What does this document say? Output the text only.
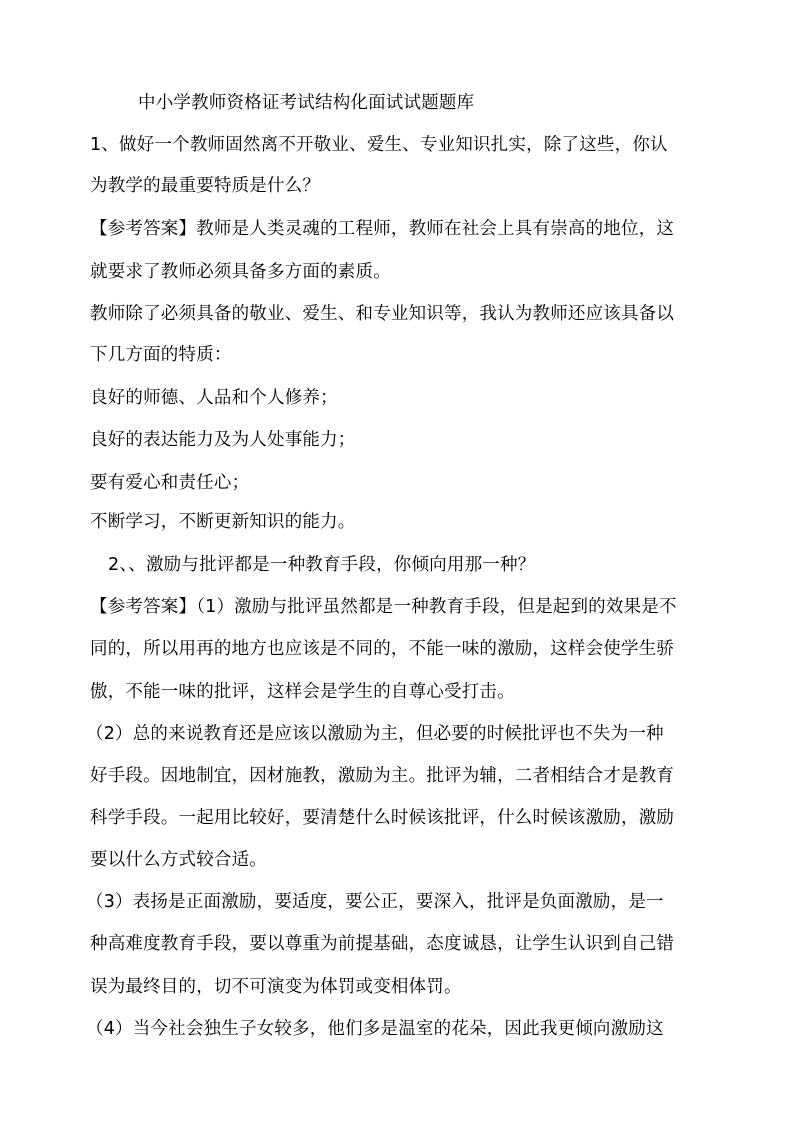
中小学教师资格证考试结构化面试试题题库
1、做好一个教师固然离不开敬业、爱生、专业知识扎实，除了这些，你认
为教学的最重要特质是什么？
【参考答案】教师是人类灵魂的工程师，教师在社会上具有崇高的地位，这
就要求了教师必须具备多方面的素质。
教师除了必须具备的敬业、爱生、和专业知识等，我认为教师还应该具备以
下几方面的特质：
良好的师德、人品和个人修养；
良好的表达能力及为人处事能力；
要有爱心和责任心；
不断学习，不断更新知识的能力。
2、、激励与批评都是一种教育手段，你倾向用那一种？
【参考答案】（1）激励与批评虽然都是一种教育手段，但是起到的效果是不
同的，所以用再的地方也应该是不同的，不能一味的激励，这样会使学生骄
傲，不能一味的批评，这样会是学生的自尊心受打击。
（2）总的来说教育还是应该以激励为主，但必要的时候批评也不失为一种
好手段。因地制宜，因材施教，激励为主。批评为辅，二者相结合才是教育
科学手段。一起用比较好，要清楚什么时候该批评，什么时候该激励，激励
要以什么方式较合适。
（3）表扬是正面激励，要适度，要公正，要深入，批评是负面激励，是一
种高难度教育手段，要以尊重为前提基础，态度诚恳，让学生认识到自己错
误为最终目的，切不可演变为体罚或变相体罚。
（4）当今社会独生子女较多，他们多是温室的花朵，因此我更倾向激励这
